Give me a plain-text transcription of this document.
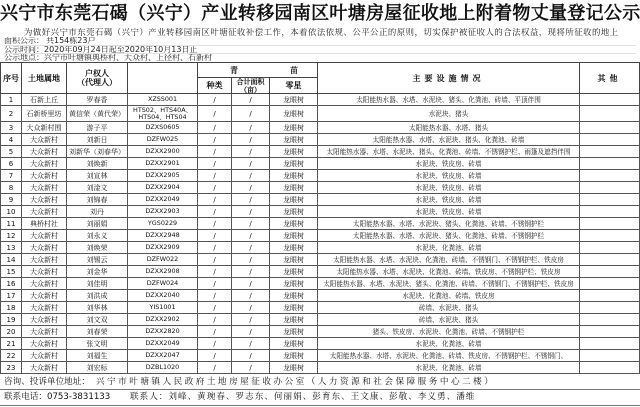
兴宁市东莞石碣（兴宁）产业转移园南区叶塘房屋征收地上附着物丈量登记公示
为做好兴宁市东莞石碣（兴宁）产业转移园南区叶塘征收补偿工作，本着依法依规、公平公正的原则，切实保护被征收人的合法权益，现将所征收的地上
面积公示： 共154栋23户
公示时间：2020年09月24日起至2020年10月13日止
公示地点：兴宁市叶塘镇典桥村、大众村、上径村、石新村
序号 土地属地	户权人
（代理人）
青	苗
种类 合计面积
（亩）	零星
主要设施情况	其他
1	石新上丘	罗春香	XZSS001	/	/	龙眼树	太阳能热水器、水塔、水泥块、猪头、化粪池、砖墙、平顶伴围
2	石新桥里坊	黄信荣（黄代荣）	HTS02、HTS40A、
HTS04、HTS04	/	/	龙眼树	水泥块、猪头
3	大众新村围	游子平	DZXS0605	/	/	龙眼树	太阳能热水器、水塔、猪头
4	大众新村	刘新日	DZFW025	/	/	龙眼树	太阳能热水器、水塔、水泥块、猪头、化粪池、砖墙
5	大众新村	刘新华（刘春华）	DZXX2900	/	/	龙眼树	太阳能热水器、水塔、水泥块、猪头、化粪池、砖墙、不锈钢护栏、雨篷及遮挡伴围
6	大众新村	刘焕新	DZXX2901	/	/	龙眼树	水泥块、铁皮房、砖墙
7	大众新村	刘宣林	DZXX2905	/	/	龙眼树	水泥块、铁皮房、砖墙
8	大众新村	刘淦文	DZXX2904	/	/	龙眼树	水泥块、铁皮房、砖墙
9	大众新村	刘锦春	DZXX2049	/	/	龙眼树	水泥块、铁皮房、砖墙
10	大众新村	刘丹	DZXX2903	/	/	龙眼树	水泥块、铁皮房、砖墙
11	典桥村社	刘丽娟	YGS0229	/	/	龙眼树	太阳能热水器、水塔、水泥块、猪头、化粪池、砖墙、不锈钢护栏
12	大众新村	刘永义	DZXX2948	/	/	龙眼树	太阳能热水器、水塔、水泥块、猪头、化粪池、砖墙、不锈钢护栏
13	大众新村	刘焕荣	DZXX2909	/	/	龙眼树	水泥块、化粪池、砖墙
14	大众新村	刘锡云	DZFW022	/	/	龙眼树	太阳能热水器、水塔、水泥块、化粪池、砖墙、不锈钢门、不锈钢护栏、铁皮房
15	大众新村	刘金华	DZXX2908	/	/	龙眼树	太阳能热水器、水塔、水泥块、化粪池、砖墙、铁皮房、不锈钢护栏、铁皮房
16	大众新村	刘佳明	DZFW024	/	/	龙眼树	太阳能热水器、水塔、水泥块、猪头、化粪池、砖墙、不锈钢门、不锈钢护栏、铁皮房
17	大众新村	刘洪成	DZXX2040	/	/	龙眼树	水泥块、化粪池、砖墙、铁皮房
18	大众新村	刘华林	YIS1001	/	/	龙眼树	砖墙、水泥块、猪头
19	大众新村	刘文双	DZXX2902	/	/	龙眼树	砖墙、水泥块、猪头
20	大众新村	刘春荣	DZXX2820	/	/	龙眼树	猪头、铁皮房、水泥块、化粪池、砖墙、不锈钢护栏
21	大众新村	张文明	DZXX2049	/	/	龙眼树	水泥块、化粪池、砖墙
22	大众新村	刘福生	DZXX2047	/	/	龙眼树	太阳能热水器、水塔、水泥块、化粪池、砖墙、铁皮房、不锈钢护栏、不锈钢门、
23	大众新村	刘宏标	DZBL1020	/	/	龙眼树	水泥块、化粪池、砖墙
咨询、投诉单位地址： 兴宁市叶塘镇人民政府土地房屋征收办公室（人力资源和社会保障服务中心二楼）
联系电话：0753-3831133 联系人：刘峰、黄琬春、罗志东、何丽娟、彭育东、王文康、彭敬、李义勇、潘维
